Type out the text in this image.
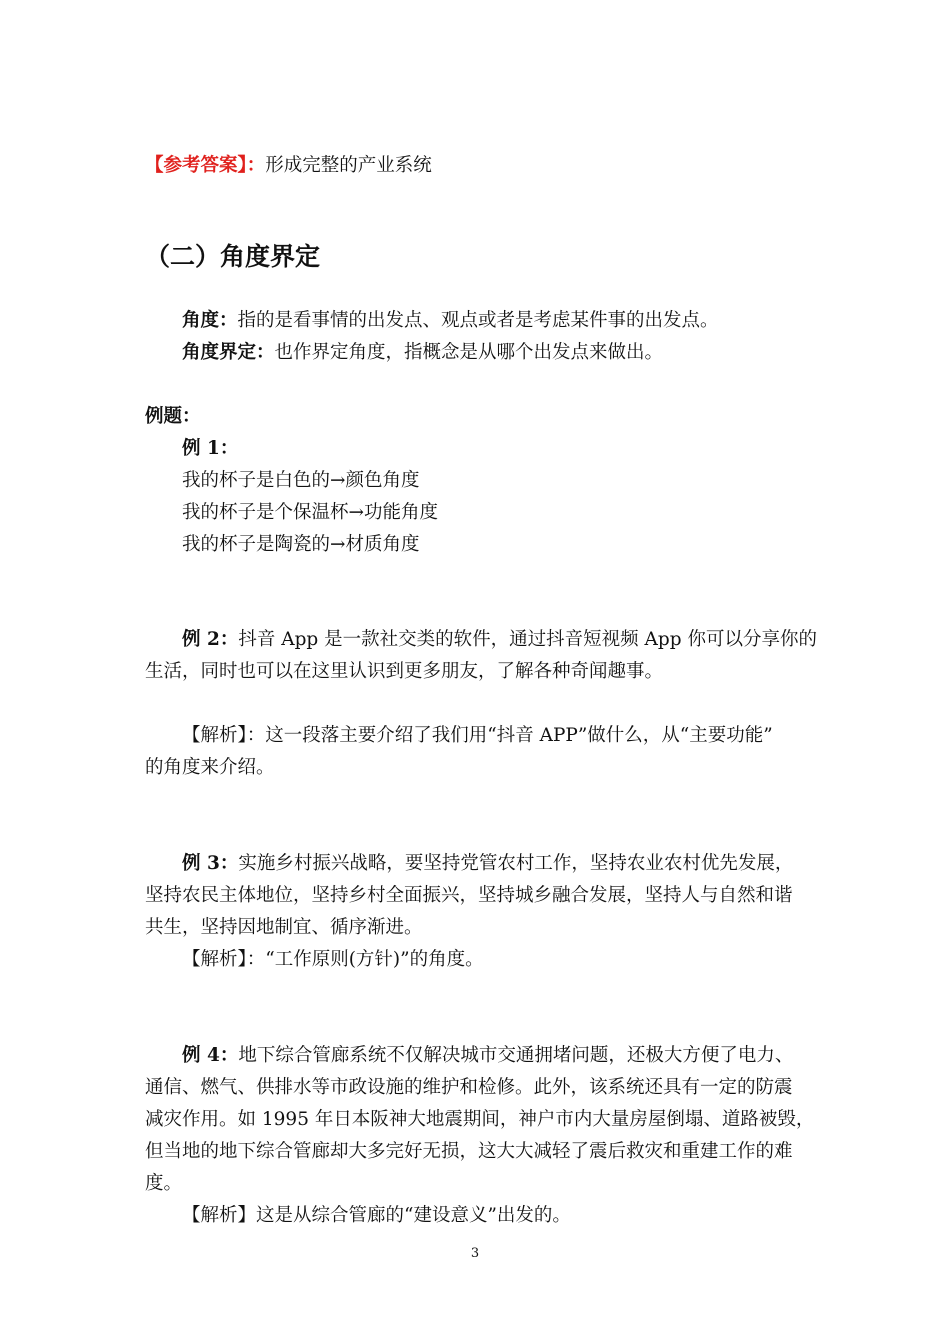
【参考答案】：形成完整的产业系统
（二）角度界定
角度：指的是看事情的出发点、观点或者是考虑某件事的出发点。
角度界定：也作界定角度，指概念是从哪个出发点来做出。
例题：
例 1：
我的杯子是白色的→颜色角度
我的杯子是个保温杯→功能角度
我的杯子是陶瓷的→材质角度
例 2：抖音 App 是一款社交类的软件，通过抖音短视频 App 你可以分享你的
生活，同时也可以在这里认识到更多朋友，了解各种奇闻趣事。
【解析】：这一段落主要介绍了我们用“抖音 APP”做什么，从“主要功能”
的角度来介绍。
例 3：实施乡村振兴战略，要坚持党管农村工作，坚持农业农村优先发展，
坚持农民主体地位，坚持乡村全面振兴，坚持城乡融合发展，坚持人与自然和谐
共生，坚持因地制宜、循序渐进。
【解析】：“工作原则(方针)”的角度。
例 4：地下综合管廊系统不仅解决城市交通拥堵问题，还极大方便了电力、
通信、燃气、供排水等市政设施的维护和检修。此外，该系统还具有一定的防震
减灾作用。如 1995 年日本阪神大地震期间，神户市内大量房屋倒塌、道路被毁，
但当地的地下综合管廊却大多完好无损，这大大减轻了震后救灾和重建工作的难
度。
【解析】这是从综合管廊的“建设意义”出发的。
3
